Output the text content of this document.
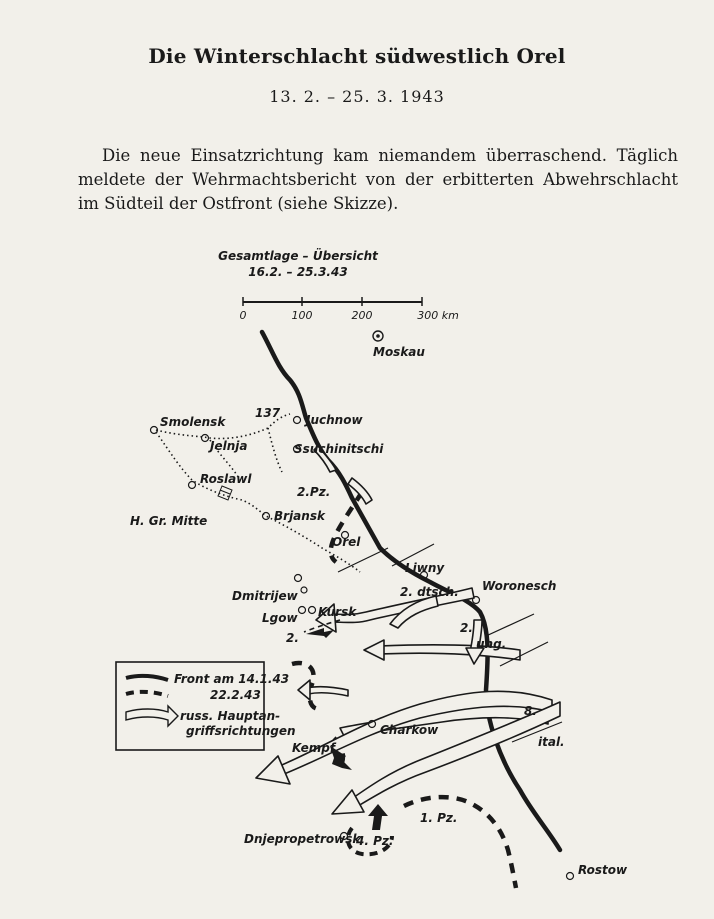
Die Winterschlacht südwestlich Orel
13. 2. – 25. 3. 1943
Die neue Einsatzrichtung kam niemandem überraschend. Täglich meldete der Wehrmachtsbericht von der erbitterten Abwehrschlacht im Südteil der Ostfront (siehe Skizze).
Gesamtlage – Übersicht
16.2. – 25.3.43
0	100	200	300 km
Moskau
Smolensk
Jelnja
137 Juchnow
Ssuchinitschi
Roslawl
2.Pz.
Brjansk
H. Gr. Mitte
Orel
Liwny
Woronesch
2. dtsch.
Dmitrijew
Lgow Kursk
2.
2.
ung.
8.
ital.
Charkow
Kempf
1. Pz.
4. Pz.
Dnjepropetrowsk
Rostow
Front am 14.1.43
22.2.43
russ. Hauptan-
griffsrichtungen
